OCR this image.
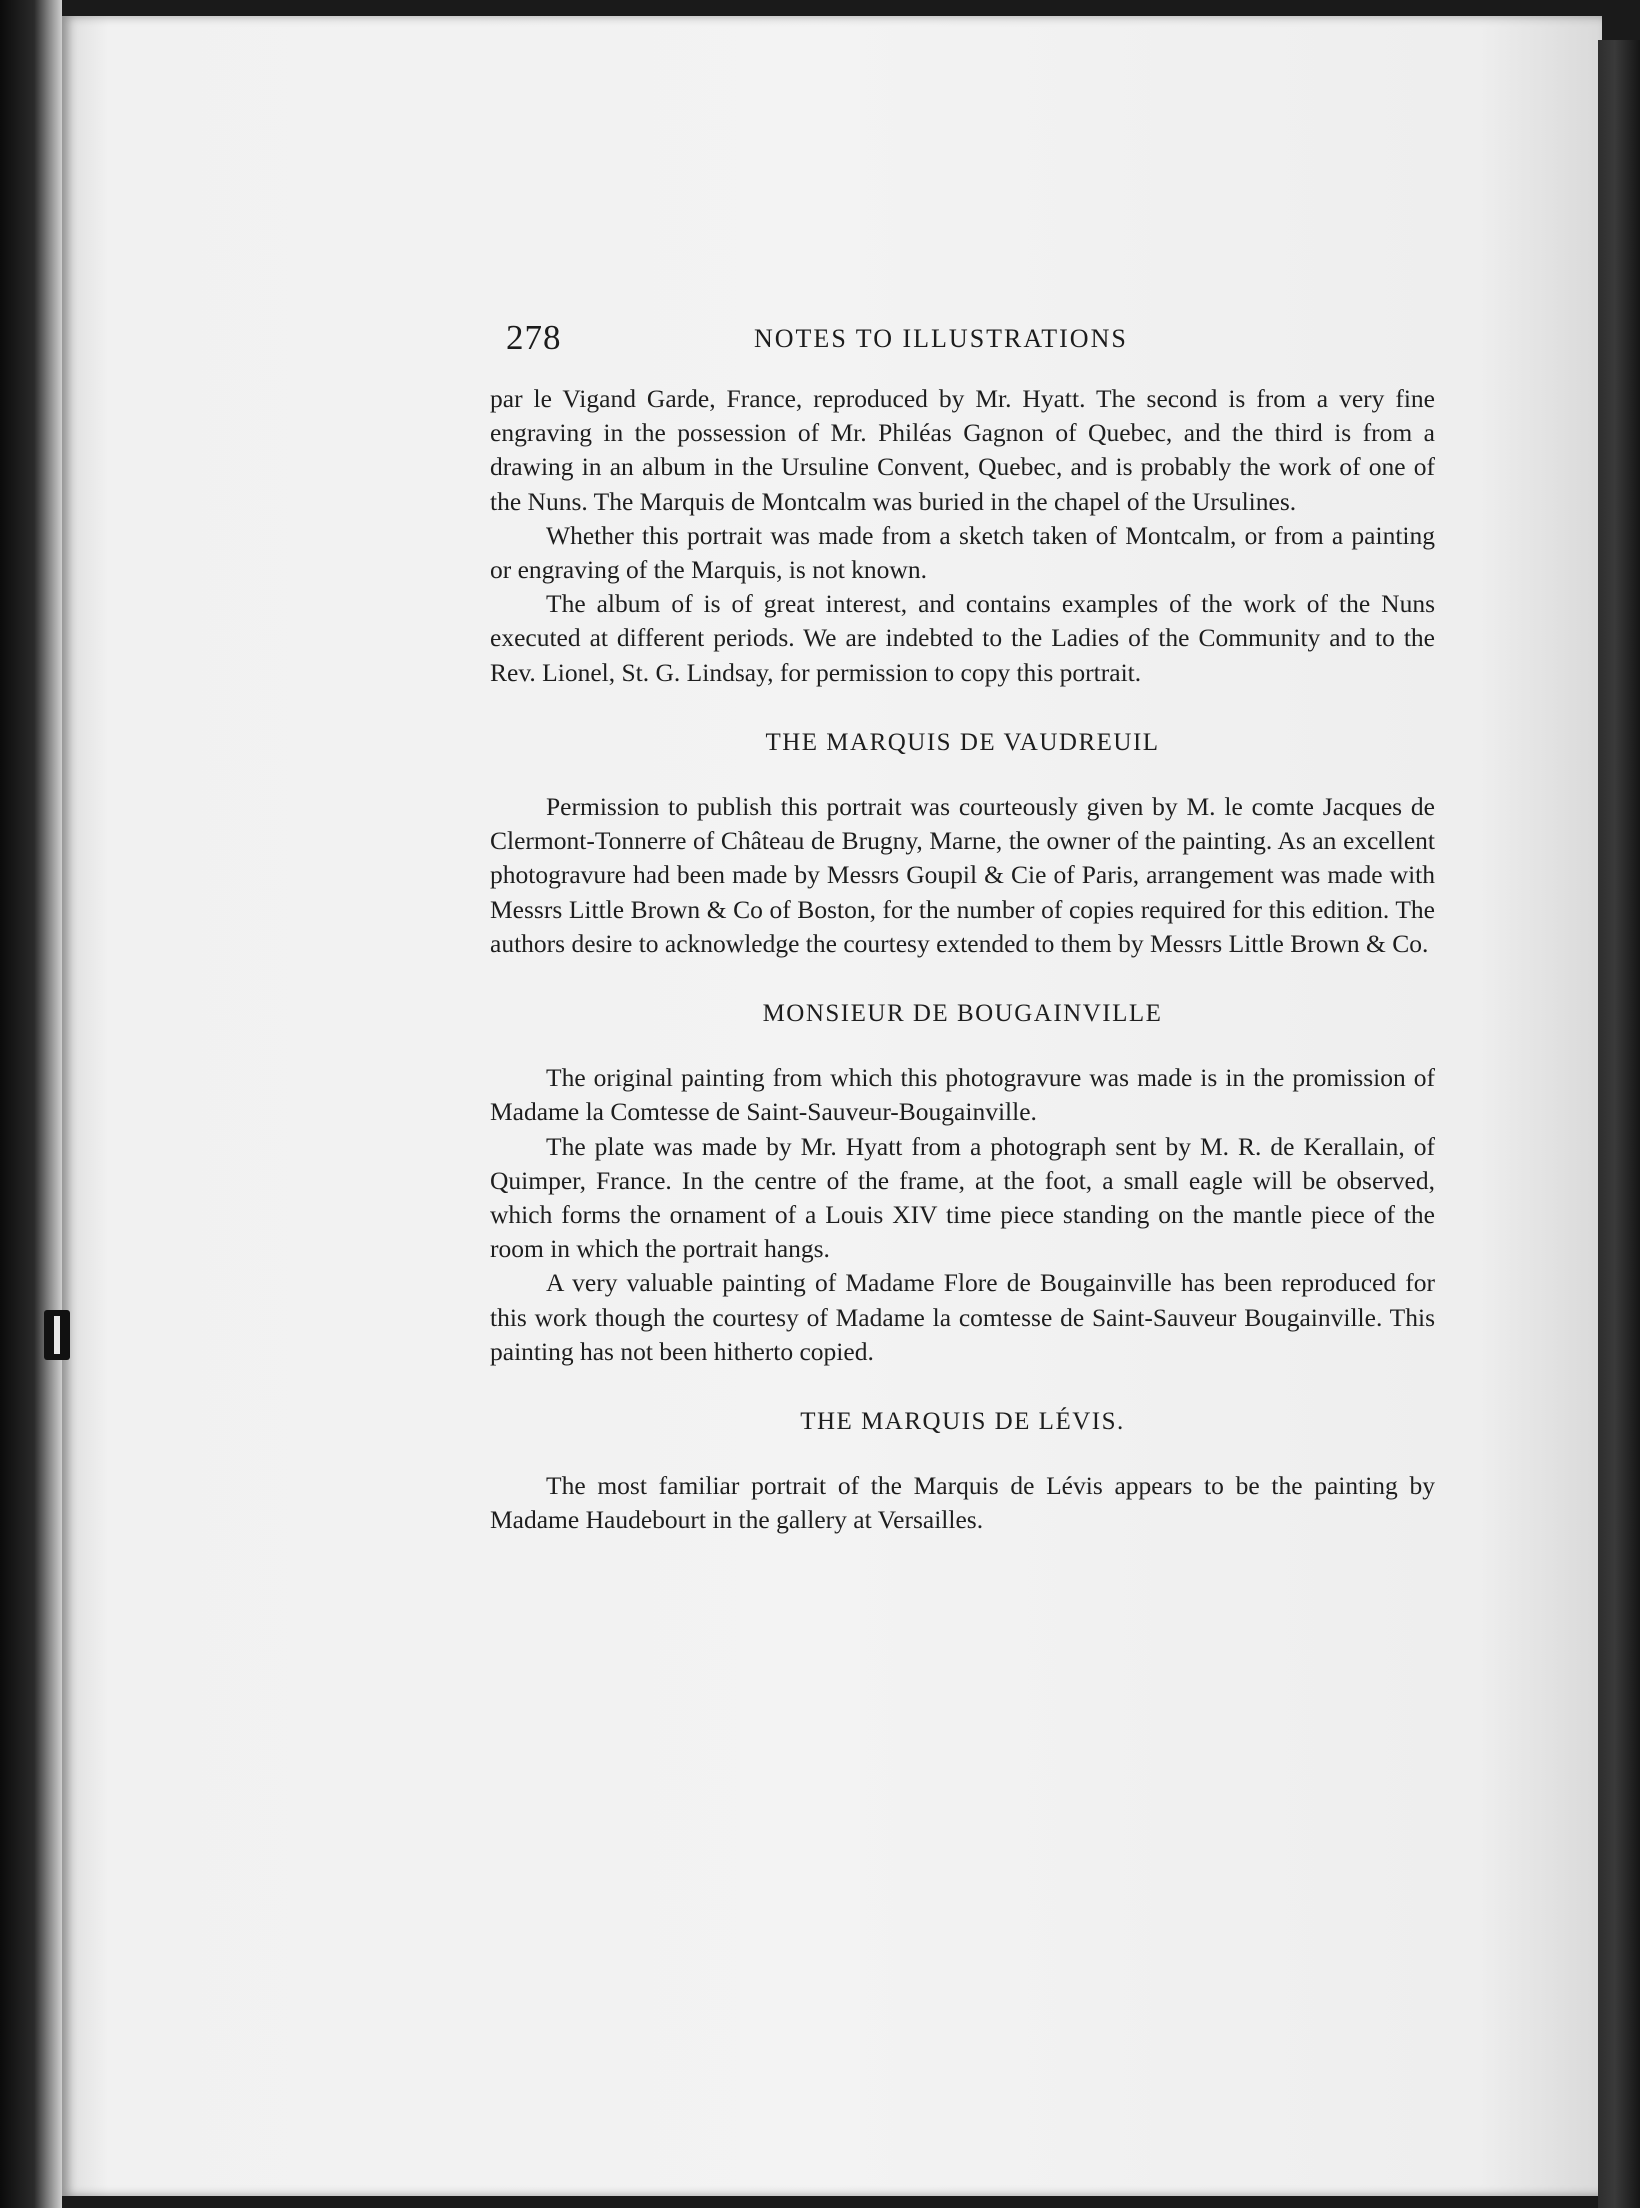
278	NOTES TO ILLUSTRATIONS

par le Vigand Garde, France, reproduced by Mr. Hyatt. The second is from a very fine engraving in the possession of Mr. Philéas Gagnon of Quebec, and the third is from a drawing in an album in the Ursuline Convent, Quebec, and is probably the work of one of the Nuns. The Marquis de Montcalm was buried in the chapel of the Ursulines.

Whether this portrait was made from a sketch taken of Montcalm, or from a painting or engraving of the Marquis, is not known.

The album of is of great interest, and contains examples of the work of the Nuns executed at different periods. We are indebted to the Ladies of the Community and to the Rev. Lionel, St. G. Lindsay, for permission to copy this portrait.

THE MARQUIS DE VAUDREUIL

Permission to publish this portrait was courteously given by M. le comte Jacques de Clermont-Tonnerre of Château de Brugny, Marne, the owner of the painting. As an excellent photogravure had been made by Messrs Goupil & Cie of Paris, arrangement was made with Messrs Little Brown & Co of Boston, for the number of copies required for this edition. The authors desire to acknowledge the courtesy extended to them by Messrs Little Brown & Co.

MONSIEUR DE BOUGAINVILLE

The original painting from which this photogravure was made is in the promission of Madame la Comtesse de Saint-Sauveur-Bougainville.

The plate was made by Mr. Hyatt from a photograph sent by M. R. de Kerallain, of Quimper, France. In the centre of the frame, at the foot, a small eagle will be observed, which forms the ornament of a Louis XIV time piece standing on the mantle piece of the room in which the portrait hangs.

A very valuable painting of Madame Flore de Bougainville has been reproduced for this work though the courtesy of Madame la comtesse de Saint-Sauveur Bougainville. This painting has not been hitherto copied.

THE MARQUIS DE LÉVIS.

The most familiar portrait of the Marquis de Lévis appears to be the painting by Madame Haudebourt in the gallery at Versailles.
